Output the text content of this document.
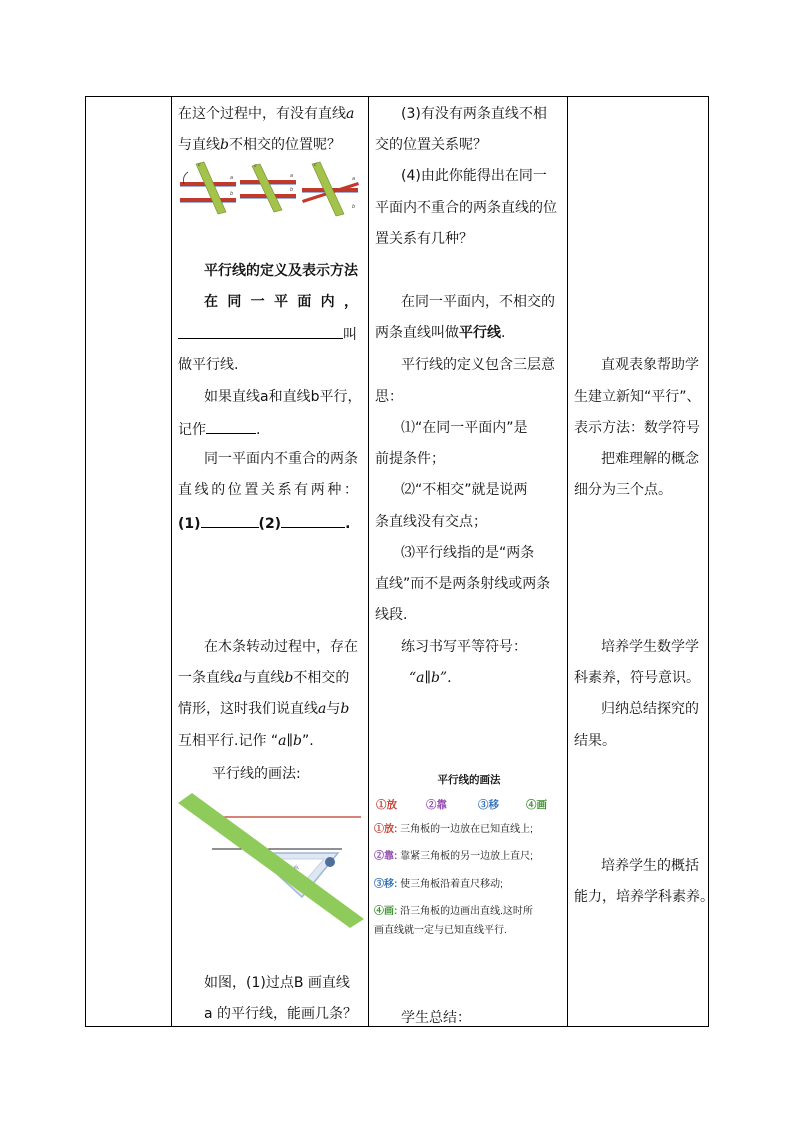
在这个过程中，有没有直线a
与直线b不相交的位置呢？
c
a
b
c
a
b
c
a
b
平行线的定义及表示方法
在 同 一 平 面 内 ，
叫
做平行线.
如果直线a和直线b平行，
记作	.
同一平面内不重合的两条
直 线 的 位 置 关 系 有 两 种 ：
(1)	(2)	.
在木条转动过程中，存在
一条直线a与直线b不相交的
情形，这时我们说直线a与b
互相平行.记作 “a∥b”.
平行线的画法:
如图，(1)过点B 画直线
a 的平行线，能画几条？
(3)有没有两条直线不相
交的位置关系呢？
(4)由此你能得出在同一
平面内不重合的两条直线的位
置关系有几种？
在同一平面内，不相交的
两条直线叫做平行线.
平行线的定义包含三层意
思：
⑴“在同一平面内”是
前提条件；
⑵“不相交”就是说两
条直线没有交点；
⑶平行线指的是“两条
直线”而不是两条射线或两条
线段.
练习书写平等符号：
“a∥b”.
平行线的画法
①放	②靠	③移	④画
①放: 三角板的一边放在已知直线上;
②靠: 靠紧三角板的另一边放上直尺;
③移: 使三角板沿着直尺移动;
④画: 沿三角板的边画出直线.这时所
画直线就一定与已知直线平行.
学生总结：
直观表象帮助学
生建立新知“平行”、
表示方法：数学符号
把难理解的概念
细分为三个点。
培养学生数学学
科素养，符号意识。
归纳总结探究的
结果。
培养学生的概括
能力，培养学科素养。
